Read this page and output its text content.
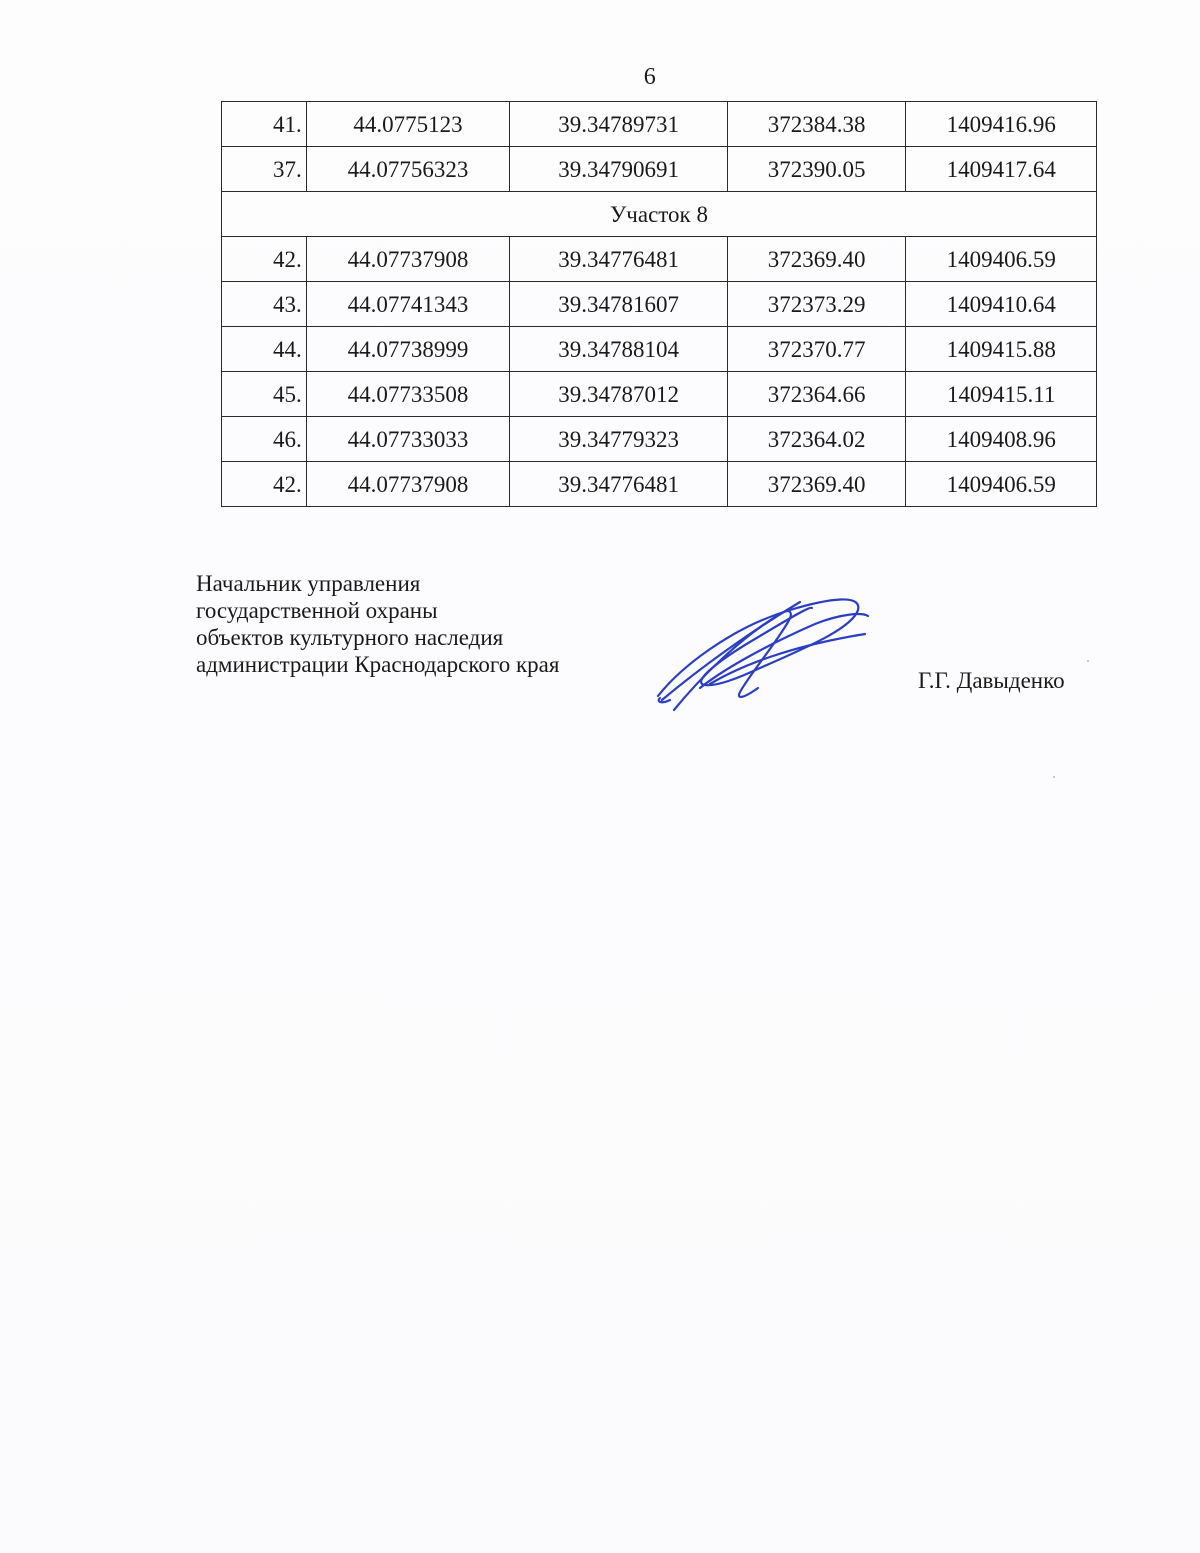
6
41.	44.0775123	39.34789731	372384.38	1409416.96
37.	44.07756323	39.34790691	372390.05	1409417.64
Участок 8				
42.	44.07737908	39.34776481	372369.40	1409406.59
43.	44.07741343	39.34781607	372373.29	1409410.64
44.	44.07738999	39.34788104	372370.77	1409415.88
45.	44.07733508	39.34787012	372364.66	1409415.11
46.	44.07733033	39.34779323	372364.02	1409408.96
42.	44.07737908	39.34776481	372369.40	1409406.59
Начальник управления
государственной охраны
объектов культурного наследия
администрации Краснодарского края
Г.Г. Давыденко
